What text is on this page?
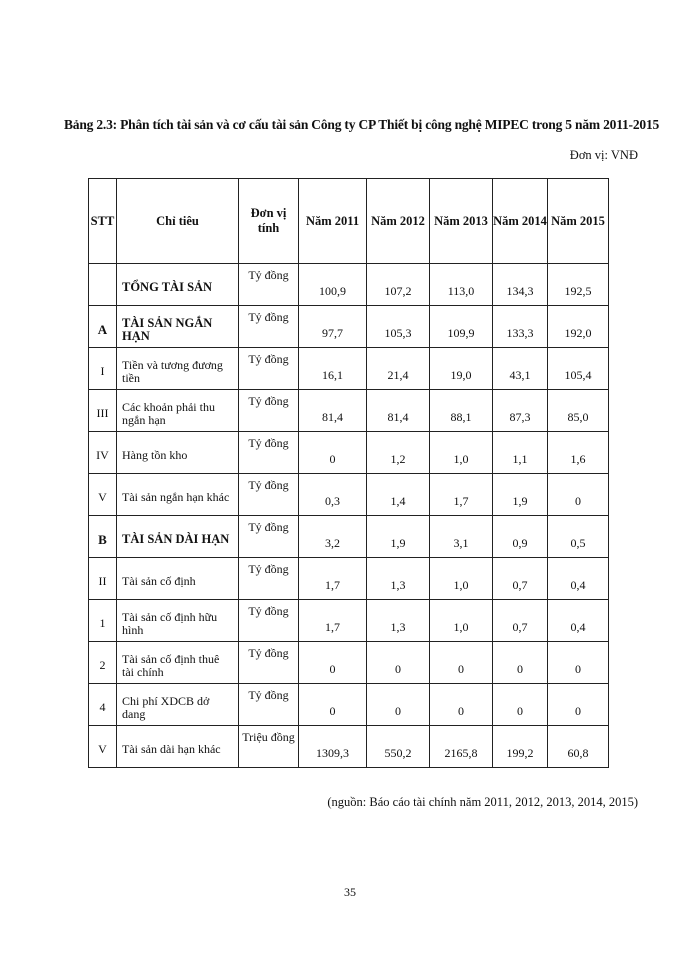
Bảng 2.3: Phân tích tài sản và cơ cấu tài sản Công ty CP Thiết bị công nghệ MIPEC trong 5 năm 2011-2015
Đơn vị: VNĐ
STT	Chỉ tiêu	Đơn vị tính	Năm 2011	Năm 2012	Năm 2013	Năm 2014	Năm 2015
	TỔNG TÀI SẢN	Tỷ đồng	100,9	107,2	113,0	134,3	192,5
A	TÀI SẢN NGẮN HẠN	Tỷ đồng	97,7	105,3	109,9	133,3	192,0
I	Tiền và tương đương tiền	Tỷ đồng	16,1	21,4	19,0	43,1	105,4
III	Các khoản phải thu ngắn hạn	Tỷ đồng	81,4	81,4	88,1	87,3	85,0
IV	Hàng tồn kho	Tỷ đồng	0	1,2	1,0	1,1	1,6
V	Tài sản ngắn hạn khác	Tỷ đồng	0,3	1,4	1,7	1,9	0
B	TÀI SẢN DÀI HẠN	Tỷ đồng	3,2	1,9	3,1	0,9	0,5
II	Tài sản cố định	Tỷ đồng	1,7	1,3	1,0	0,7	0,4
1	Tài sản cố định hữu hình	Tỷ đồng	1,7	1,3	1,0	0,7	0,4
2	Tài sản cố định thuê tài chính	Tỷ đồng	0	0	0	0	0
4	Chi phí XDCB dở dang	Tỷ đồng	0	0	0	0	0
V	Tài sản dài hạn khác	Triệu đồng	1309,3	550,2	2165,8	199,2	60,8
(nguồn: Báo cáo tài chính năm 2011, 2012, 2013, 2014, 2015)
35
